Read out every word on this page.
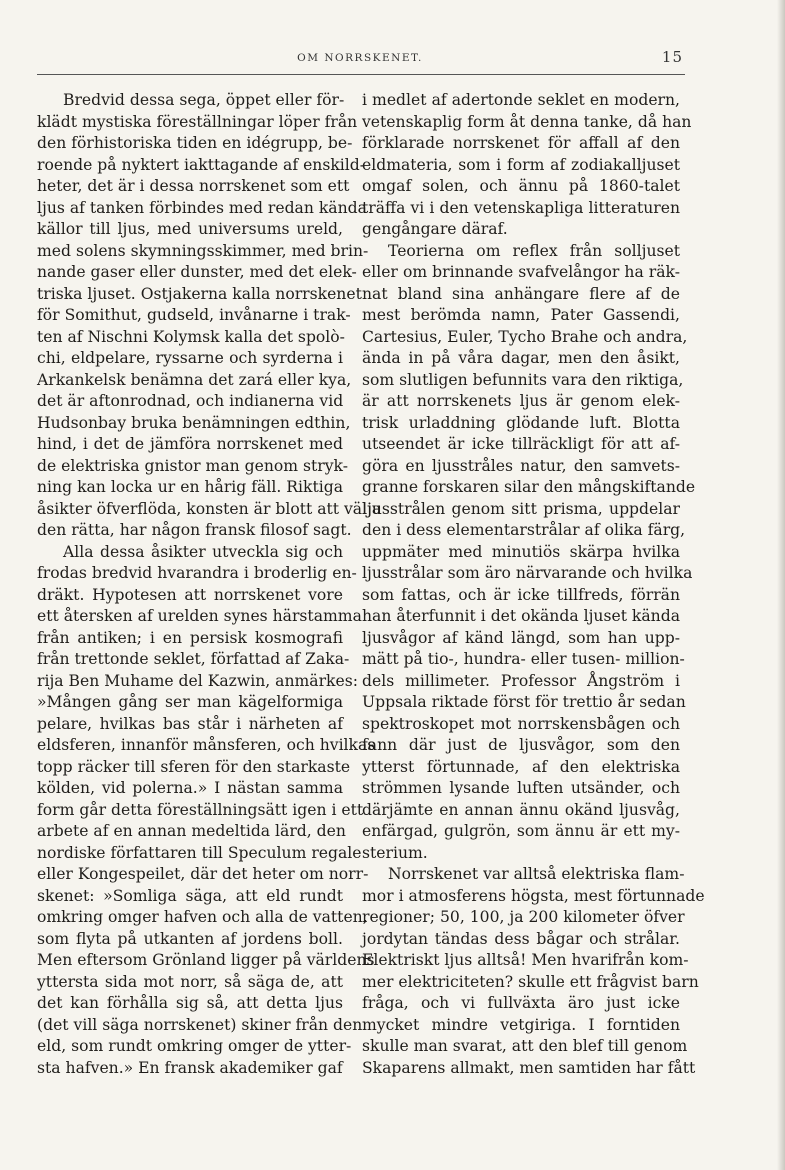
OM NORRSKENET.	15
Bredvid dessa sega, öppet eller för-
klädt mystiska föreställningar löper från
den förhistoriska tiden en idégrupp, be-
roende på nyktert iakttagande af enskild-
heter, det är i dessa norrskenet som ett
ljus af tanken förbindes med redan kända
källor till ljus, med universums ureld,
med solens skymningsskimmer, med brin-
nande gaser eller dunster, med det elek-
triska ljuset. Ostjakerna kalla norrskenet
för Somithut, gudseld, invånarne i trak-
ten af Nischni Kolymsk kalla det spolò-
chi, eldpelare, ryssarne och syrderna i
Arkankelsk benämna det zará eller kya,
det är aftonrodnad, och indianerna vid
Hudsonbay bruka benämningen edthin,
hind, i det de jämföra norrskenet med
de elektriska gnistor man genom stryk-
ning kan locka ur en hårig fäll. Riktiga
åsikter öfverflöda, konsten är blott att välja
den rätta, har någon fransk filosof sagt.
Alla dessa åsikter utveckla sig och
frodas bredvid hvarandra i broderlig en-
dräkt. Hypotesen att norrskenet vore
ett återsken af urelden synes härstamma
från antiken; i en persisk kosmografi
från trettonde seklet, författad af Zaka-
rija Ben Muhame del Kazwin, anmärkes:
»Mången gång ser man kägelformiga
pelare, hvilkas bas står i närheten af
eldsferen, innanför månsferen, och hvilkas
topp räcker till sferen för den starkaste
kölden, vid polerna.» I nästan samma
form går detta föreställningsätt igen i ett
arbete af en annan medeltida lärd, den
nordiske författaren till Speculum regale
eller Kongespeilet, där det heter om norr-
skenet: »Somliga säga, att eld rundt
omkring omger hafven och alla de vatten,
som flyta på utkanten af jordens boll.
Men eftersom Grönland ligger på världens
yttersta sida mot norr, så säga de, att
det kan förhålla sig så, att detta ljus
(det vill säga norrskenet) skiner från den
eld, som rundt omkring omger de ytter-
sta hafven.» En fransk akademiker gaf
i medlet af adertonde seklet en modern,
vetenskaplig form åt denna tanke, då han
förklarade norrskenet för affall af den
eldmateria, som i form af zodiakalljuset
omgaf solen, och ännu på 1860-talet
träffa vi i den vetenskapliga litteraturen
gengångare däraf.
Teorierna om reflex från solljuset
eller om brinnande svafvelångor ha räk-
nat bland sina anhängare flere af de
mest berömda namn, Pater Gassendi,
Cartesius, Euler, Tycho Brahe och andra,
ända in på våra dagar, men den åsikt,
som slutligen befunnits vara den riktiga,
är att norrskenets ljus är genom elek-
trisk urladdning glödande luft. Blotta
utseendet är icke tillräckligt för att af-
göra en ljusstråles natur, den samvets-
granne forskaren silar den mångskiftande
ljusstrålen genom sitt prisma, uppdelar
den i dess elementarstrålar af olika färg,
uppmäter med minutiös skärpa hvilka
ljusstrålar som äro närvarande och hvilka
som fattas, och är icke tillfreds, förrän
han återfunnit i det okända ljuset kända
ljusvågor af känd längd, som han upp-
mätt på tio-, hundra- eller tusen- million-
dels millimeter. Professor Ångström i
Uppsala riktade först för trettio år sedan
spektroskopet mot norrskensbågen och
fann där just de ljusvågor, som den
ytterst förtunnade, af den elektriska
strömmen lysande luften utsänder, och
därjämte en annan ännu okänd ljusvåg,
enfärgad, gulgrön, som ännu är ett my-
sterium.
Norrskenet var alltså elektriska flam-
mor i atmosferens högsta, mest förtunnade
regioner; 50, 100, ja 200 kilometer öfver
jordytan tändas dess bågar och strålar.
Elektriskt ljus alltså! Men hvarifrån kom-
mer elektriciteten? skulle ett frågvist barn
fråga, och vi fullväxta äro just icke
mycket mindre vetgiriga. I forntiden
skulle man svarat, att den blef till genom
Skaparens allmakt, men samtiden har fått
